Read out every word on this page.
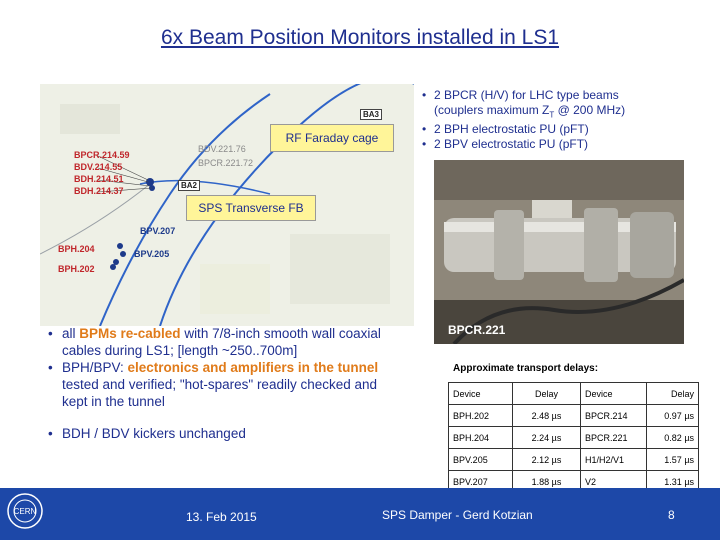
6x Beam Position Monitors installed in LS1
BA3
BA2
BDV.221.76
BPCR.221.72
BPCR.214.59
BDV.214.55
BDH.214.51
BDH.214.37
BPV.207
BPV.205
BPH.204
BPH.202
RF Faraday cage
SPS Transverse FB
BPCR.221
• 2 BPCR (H/V) for LHC type beams
(couplers maximum $Z_T$ @ 200 MHz)
• 2 BPH electrostatic PU (pFT)
• 2 BPV electrostatic PU (pFT)
• all BPMs re-cabled with 7/8-inch smooth wall coaxial cables during LS1; [length ~250..700m]
• BPH/BPV: electronics and amplifiers in the tunnel tested and verified; "hot-spares" readily checked and kept in the tunnel
• BDH / BDV kickers unchanged
Approximate transport delays:
Device	Delay	Device	Delay
BPH.202	2.48 µs	BPCR.214	0.97 µs
BPH.204	2.24 µs	BPCR.221	0.82 µs
BPV.205	2.12 µs	H1/H2/V1	1.57 µs
BPV.207	1.88 µs	V2	1.31 µs
CERN	13. Feb 2015	SPS Damper - Gerd Kotzian	8
